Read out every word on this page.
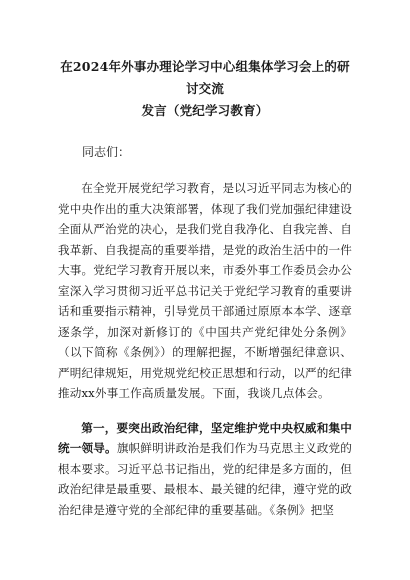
在2024年外事办理论学习中心组集体学习会上的研讨交流
发言（党纪学习教育）
同志们：

在全党开展党纪学习教育，是以习近平同志为核心的党中央作出的重大决策部署，体现了我们党加强纪律建设全面从严治党的决心，是我们党自我净化、自我完善、自我革新、自我提高的重要举措，是党的政治生活中的一件大事。党纪学习教育开展以来，市委外事工作委员会办公室深入学习贯彻习近平总书记关于党纪学习教育的重要讲话和重要指示精神，引导党员干部通过原原本本学、逐章逐条学，加深对新修订的《中国共产党纪律处分条例》（以下简称《条例》）的理解把握，不断增强纪律意识、严明纪律规矩，用党规党纪校正思想和行动，以严的纪律推动xx外事工作高质量发展。下面，我谈几点体会。

第一，要突出政治纪律，坚定维护党中央权威和集中统一领导。旗帜鲜明讲政治是我们作为马克思主义政党的根本要求。习近平总书记指出，党的纪律是多方面的，但政治纪律是最重要、最根本、最关键的纪律，遵守党的政治纪律是遵守党的全部纪律的重要基础。《条例》把坚
